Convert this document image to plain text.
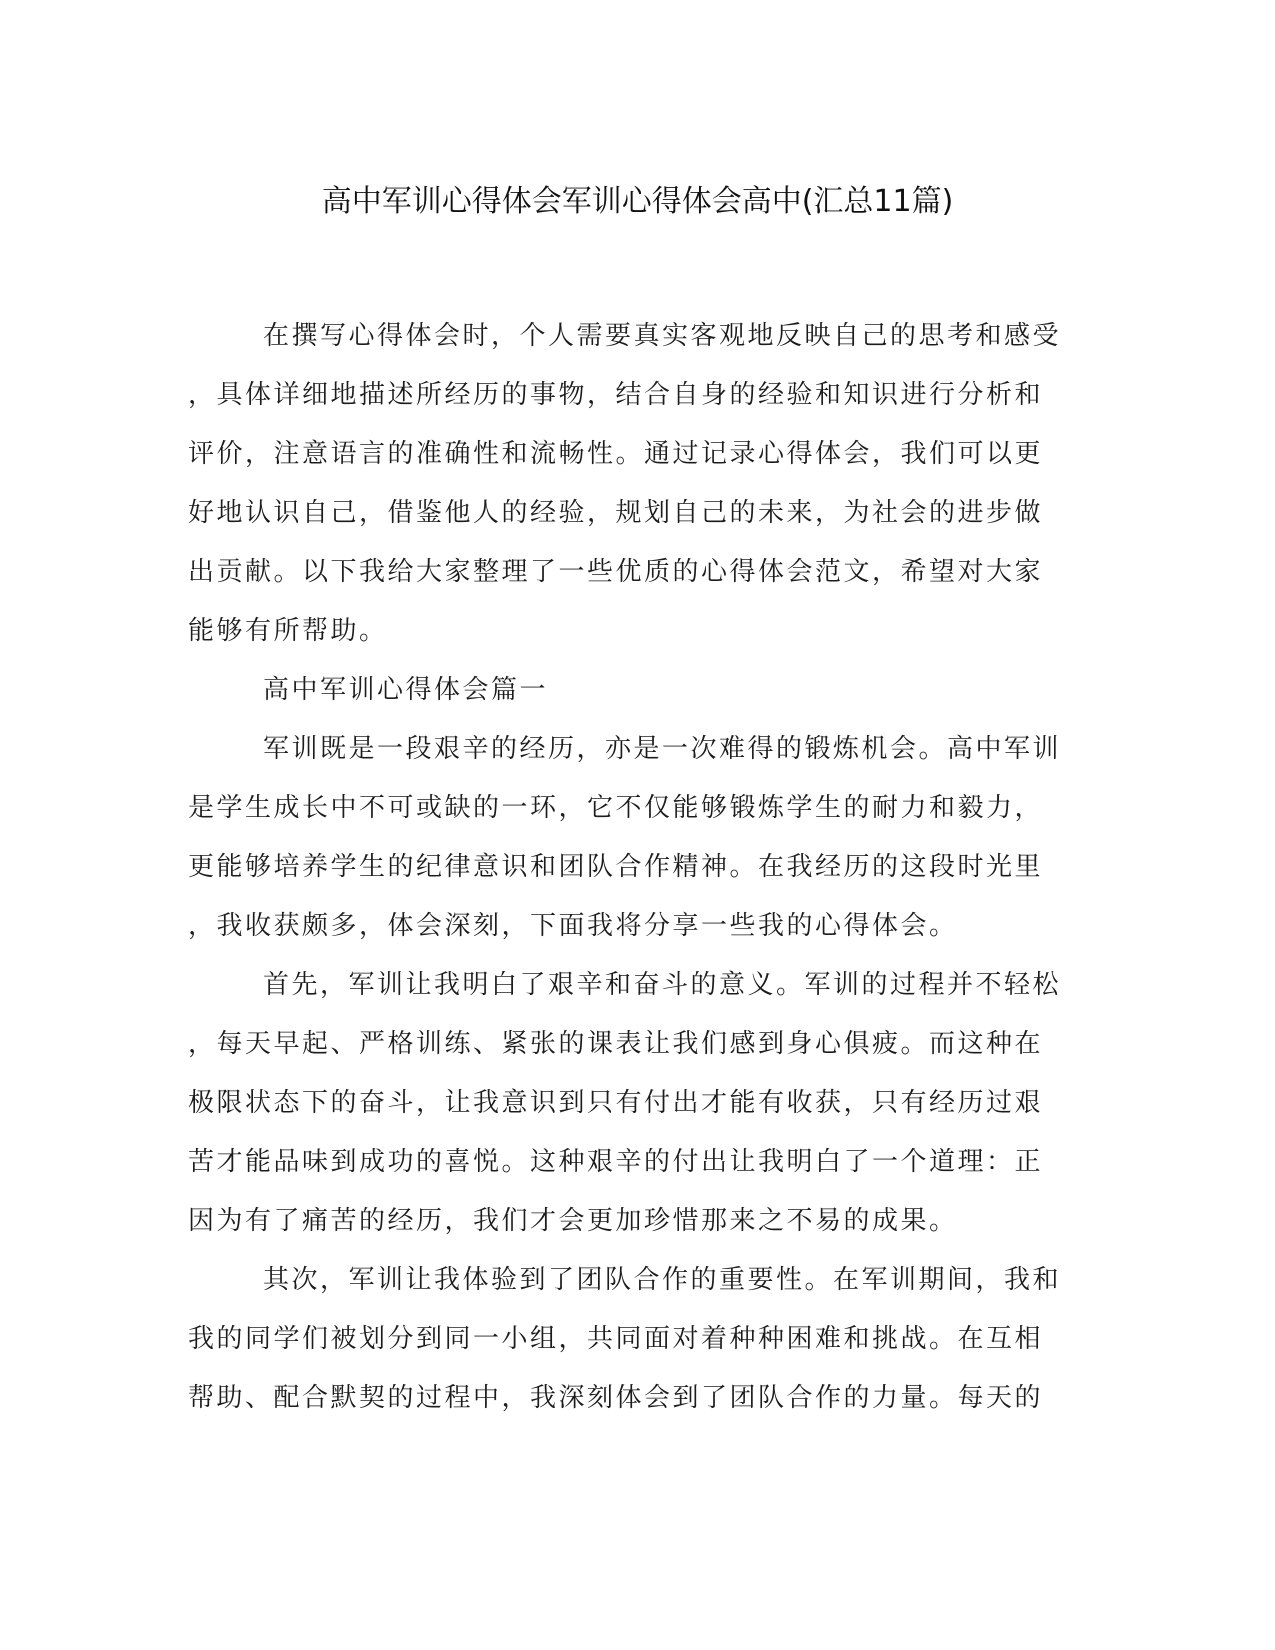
高中军训心得体会军训心得体会高中(汇总11篇)
在撰写心得体会时，个人需要真实客观地反映自己的思考和感受
，具体详细地描述所经历的事物，结合自身的经验和知识进行分析和
评价，注意语言的准确性和流畅性。通过记录心得体会，我们可以更
好地认识自己，借鉴他人的经验，规划自己的未来，为社会的进步做
出贡献。以下我给大家整理了一些优质的心得体会范文，希望对大家
能够有所帮助。
高中军训心得体会篇一
军训既是一段艰辛的经历，亦是一次难得的锻炼机会。高中军训
是学生成长中不可或缺的一环，它不仅能够锻炼学生的耐力和毅力，
更能够培养学生的纪律意识和团队合作精神。在我经历的这段时光里
，我收获颇多，体会深刻，下面我将分享一些我的心得体会。
首先，军训让我明白了艰辛和奋斗的意义。军训的过程并不轻松
，每天早起、严格训练、紧张的课表让我们感到身心俱疲。而这种在
极限状态下的奋斗，让我意识到只有付出才能有收获，只有经历过艰
苦才能品味到成功的喜悦。这种艰辛的付出让我明白了一个道理：正
因为有了痛苦的经历，我们才会更加珍惜那来之不易的成果。
其次，军训让我体验到了团队合作的重要性。在军训期间，我和
我的同学们被划分到同一小组，共同面对着种种困难和挑战。在互相
帮助、配合默契的过程中，我深刻体会到了团队合作的力量。每天的
